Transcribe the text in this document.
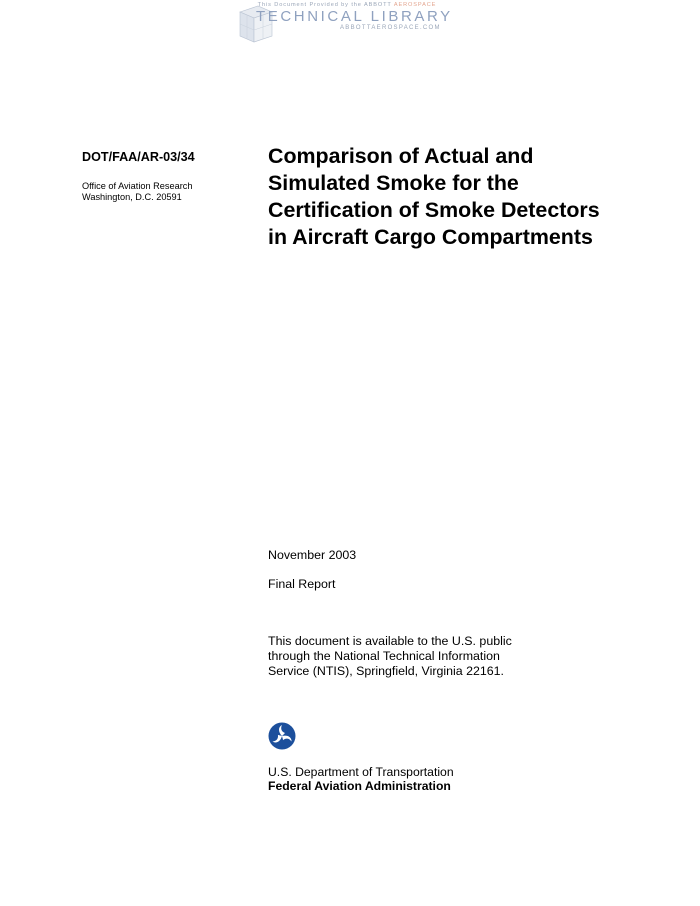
This Document Provided by the ABBOTT AEROSPACE
TECHNICAL LIBRARY
ABBOTTAEROSPACE.COM
DOT/FAA/AR-03/34
Office of Aviation Research
Washington, D.C. 20591
Comparison of Actual and
Simulated Smoke for the
Certification of Smoke Detectors
in Aircraft Cargo Compartments
November 2003
Final Report
This document is available to the U.S. public
through the National Technical Information
Service (NTIS), Springfield, Virginia 22161.
U.S. Department of Transportation
Federal Aviation Administration
